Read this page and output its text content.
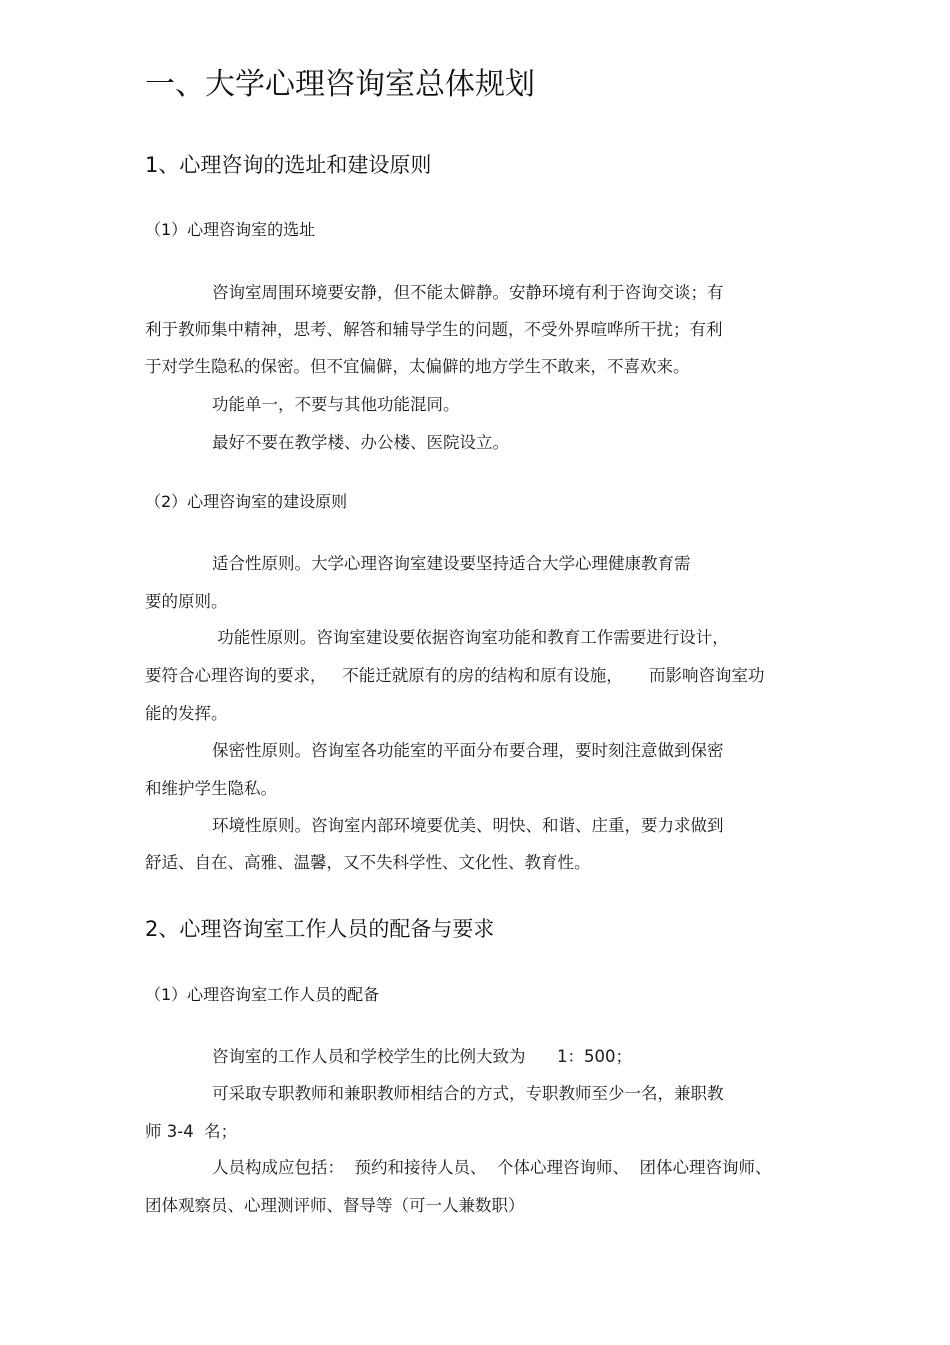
一、大学心理咨询室总体规划
1、心理咨询的选址和建设原则
（1）心理咨询室的选址
咨询室周围环境要安静，但不能太僻静。安静环境有利于咨询交谈；有
利于教师集中精神，思考、解答和辅导学生的问题，不受外界喧哗所干扰；有利
于对学生隐私的保密。但不宜偏僻，太偏僻的地方学生不敢来，不喜欢来。
功能单一，不要与其他功能混同。
最好不要在教学楼、办公楼、医院设立。
（2）心理咨询室的建设原则
适合性原则。大学心理咨询室建设要坚持适合大学心理健康教育需
要的原则。
功能性原则。咨询室建设要依据咨询室功能和教育工作需要进行设计，
要符合心理咨询的要求，   不能迁就原有的房的结构和原有设施，     而影响咨询室功
能的发挥。
保密性原则。咨询室各功能室的平面分布要合理，要时刻注意做到保密
和维护学生隐私。
环境性原则。咨询室内部环境要优美、明快、和谐、庄重，要力求做到
舒适、自在、高雅、温馨，又不失科学性、文化性、教育性。
2、心理咨询室工作人员的配备与要求
（1）心理咨询室工作人员的配备
咨询室的工作人员和学校学生的比例大致为      1：500；
可采取专职教师和兼职教师相结合的方式，专职教师至少一名，兼职教
师 3-4  名；
人员构成应包括：  预约和接待人员、  个体心理咨询师、  团体心理咨询师、
团体观察员、心理测评师、督导等（可一人兼数职）
